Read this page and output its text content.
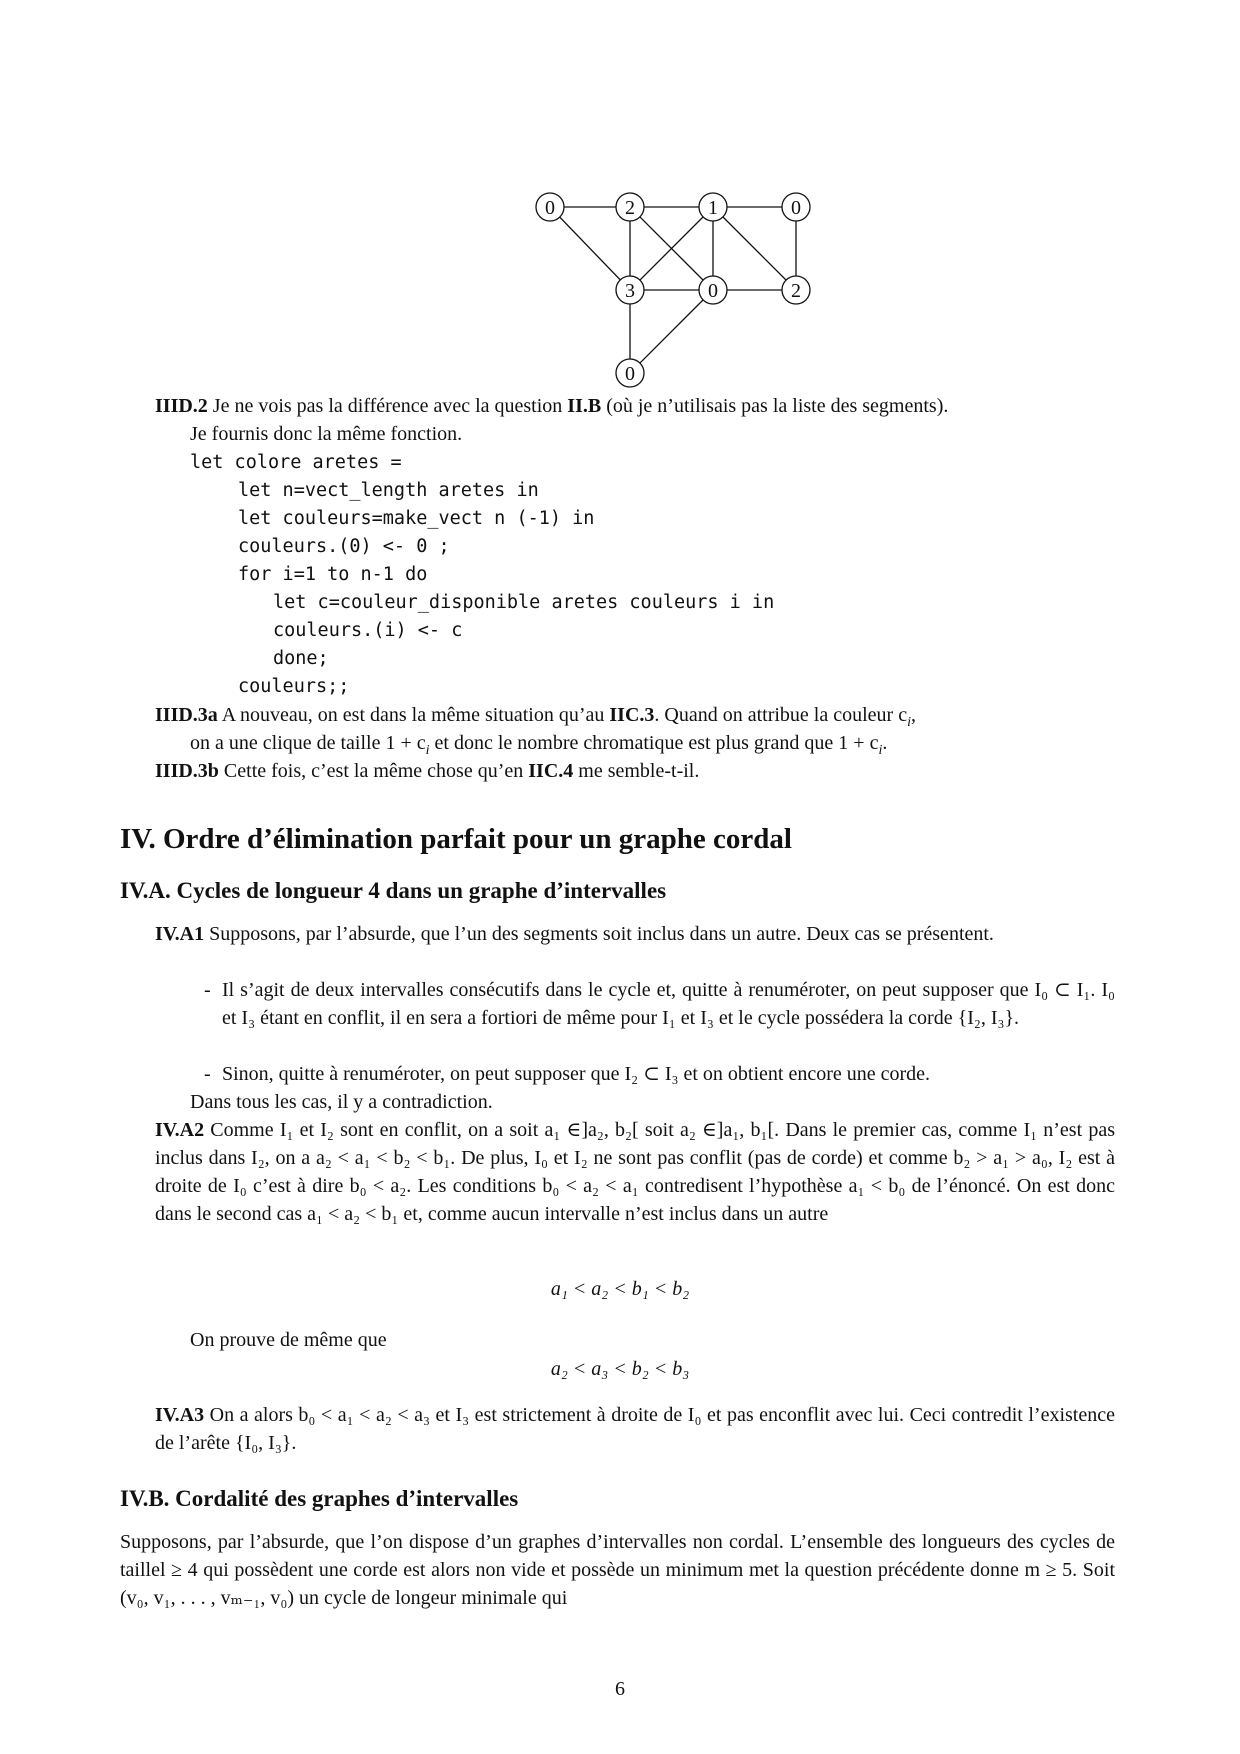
0	2	1	0
3	0	2
0
IIID.2 Je ne vois pas la différence avec la question II.B (où je n’utilisais pas la liste des segments).
Je fournis donc la même fonction.
let colore aretes =
let n=vect_length aretes in
let couleurs=make_vect n (-1) in
couleurs.(0) <- 0 ;
for i=1 to n-1 do
let c=couleur_disponible aretes couleurs i in
couleurs.(i) <- c
done;
couleurs;;
IIID.3a A nouveau, on est dans la même situation qu’au IIC.3. Quand on attribue la couleur $c_i$,
on a une clique de taille $1 + c_i$ et donc le nombre chromatique est plus grand que $1 + c_i$.
IIID.3b Cette fois, c’est la même chose qu’en IIC.4 me semble-t-il.
IV. Ordre d’élimination parfait pour un graphe cordal
IV.A. Cycles de longueur 4 dans un graphe d’intervalles
IV.A1 Supposons, par l’absurde, que l’un des segments soit inclus dans un autre. Deux cas se présentent.
- Il s’agit de deux intervalles consécutifs dans le cycle et, quitte à renuméroter, on peut supposer que I₀ ⊂ I₁. I₀ et I₃ étant en conflit, il en sera a fortiori de même pour I₁ et I₃ et le cycle possédera la corde {I₂, I₃}.
- Sinon, quitte à renuméroter, on peut supposer que I₂ ⊂ I₃ et on obtient encore une corde.
Dans tous les cas, il y a contradiction.
IV.A2 Comme I₁ et I₂ sont en conflit, on a soit a₁ ∈]a₂, b₂[ soit a₂ ∈]a₁, b₁[. Dans le premier cas, comme I₁ n’est pas inclus dans I₂, on a a₂ < a₁ < b₂ < b₁. De plus, I₀ et I₂ ne sont pas conflit (pas de corde) et comme b₂ > a₁ > a₀, I₂ est à droite de I₀ c’est à dire b₀ < a₂. Les conditions b₀ < a₂ < a₁ contredisent l’hypothèse a₁ < b₀ de l’énoncé. On est donc dans le second cas a₁ < a₂ < b₁ et, comme aucun intervalle n’est inclus dans un autre
a₁ < a₂ < b₁ < b₂
On prouve de même que
a₂ < a₃ < b₂ < b₃
IV.A3 On a alors b₀ < a₁ < a₂ < a₃ et I₃ est strictement à droite de I₀ et pas enconflit avec lui. Ceci contredit l’existence de l’arête {I₀, I₃}.
IV.B. Cordalité des graphes d’intervalles
Supposons, par l’absurde, que l’on dispose d’un graphes d’intervalles non cordal. L’ensemble des longueurs des cycles de taillel ≥ 4 qui possèdent une corde est alors non vide et possède un minimum met la question précédente donne m ≥ 5. Soit (v₀, v₁, . . . , vₘ₋₁, v₀) un cycle de longeur minimale qui
6
